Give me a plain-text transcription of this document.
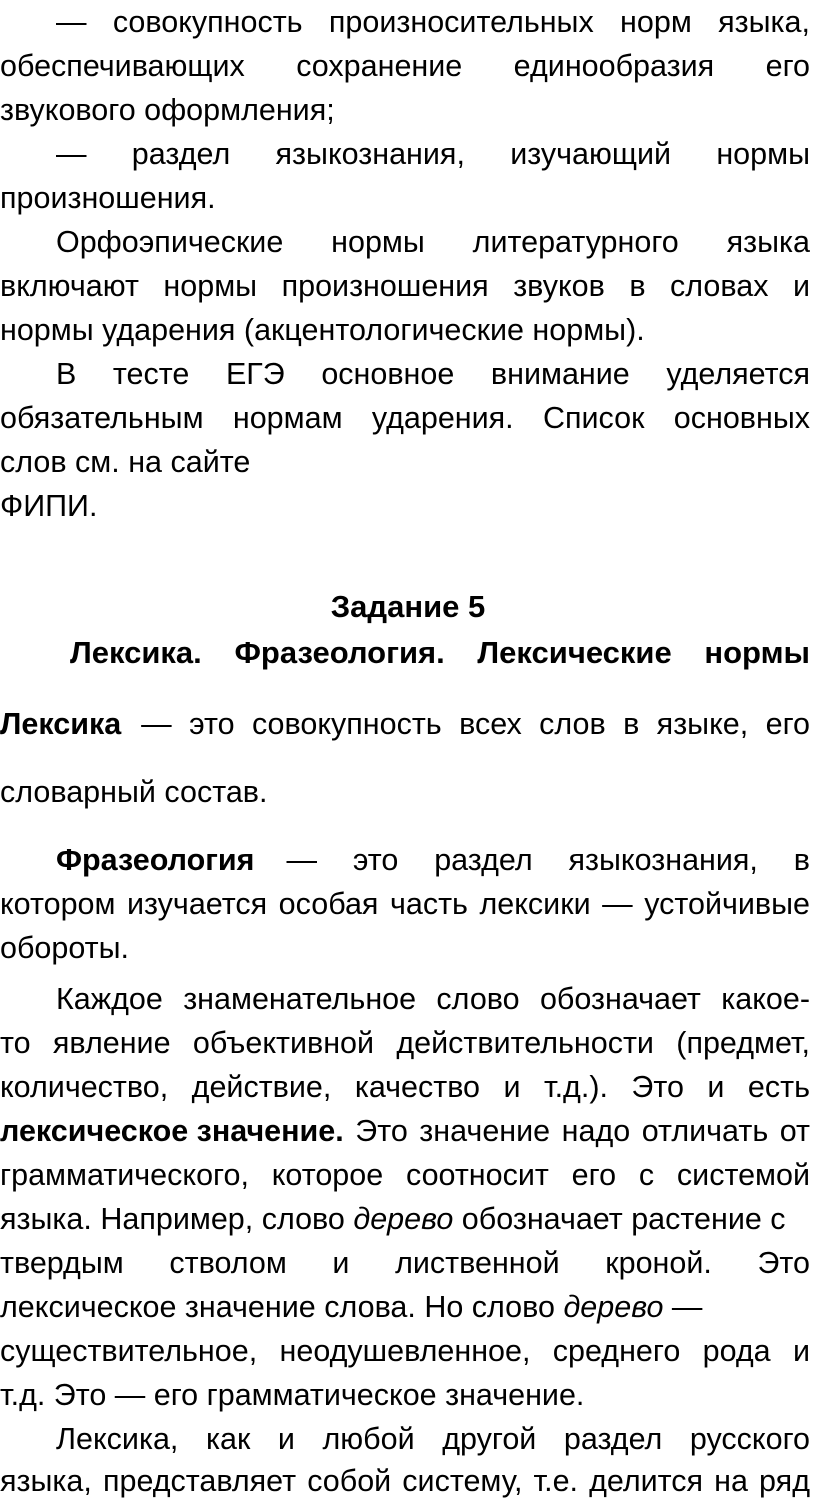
— совокупность произносительных норм языка,
обеспечивающих сохранение единообразия его
звукового оформления;
— раздел языкознания, изучающий нормы
произношения.
Орфоэпические нормы литературного языка
включают нормы произношения звуков в словах и
нормы ударения (акцентологические нормы).
В тесте ЕГЭ основное внимание уделяется
обязательным нормам ударения. Список основных
слов см. на сайте
ФИПИ.
Задание 5
Лексика. Фразеология. Лексические нормы
Лексика — это совокупность всех слов в языке, его
словарный состав.
Фразеология — это раздел языкознания, в
котором изучается особая часть лексики — устойчивые
обороты.
Каждое знаменательное слово обозначает какое-
то явление объективной действительности (предмет,
количество, действие, качество и т.д.). Это и есть
лексическое значение. Это значение надо отличать от
грамматического, которое соотносит его с системой
языка. Например, слово дерево обозначает растение с
твердым стволом и лиственной кроной. Это
лексическое значение слова. Но слово дерево —
существительное, неодушевленное, среднего рода и
т.д. Это — его грамматическое значение.
Лексика, как и любой другой раздел русского
языка, представляет собой систему, т.е. делится на ряд
